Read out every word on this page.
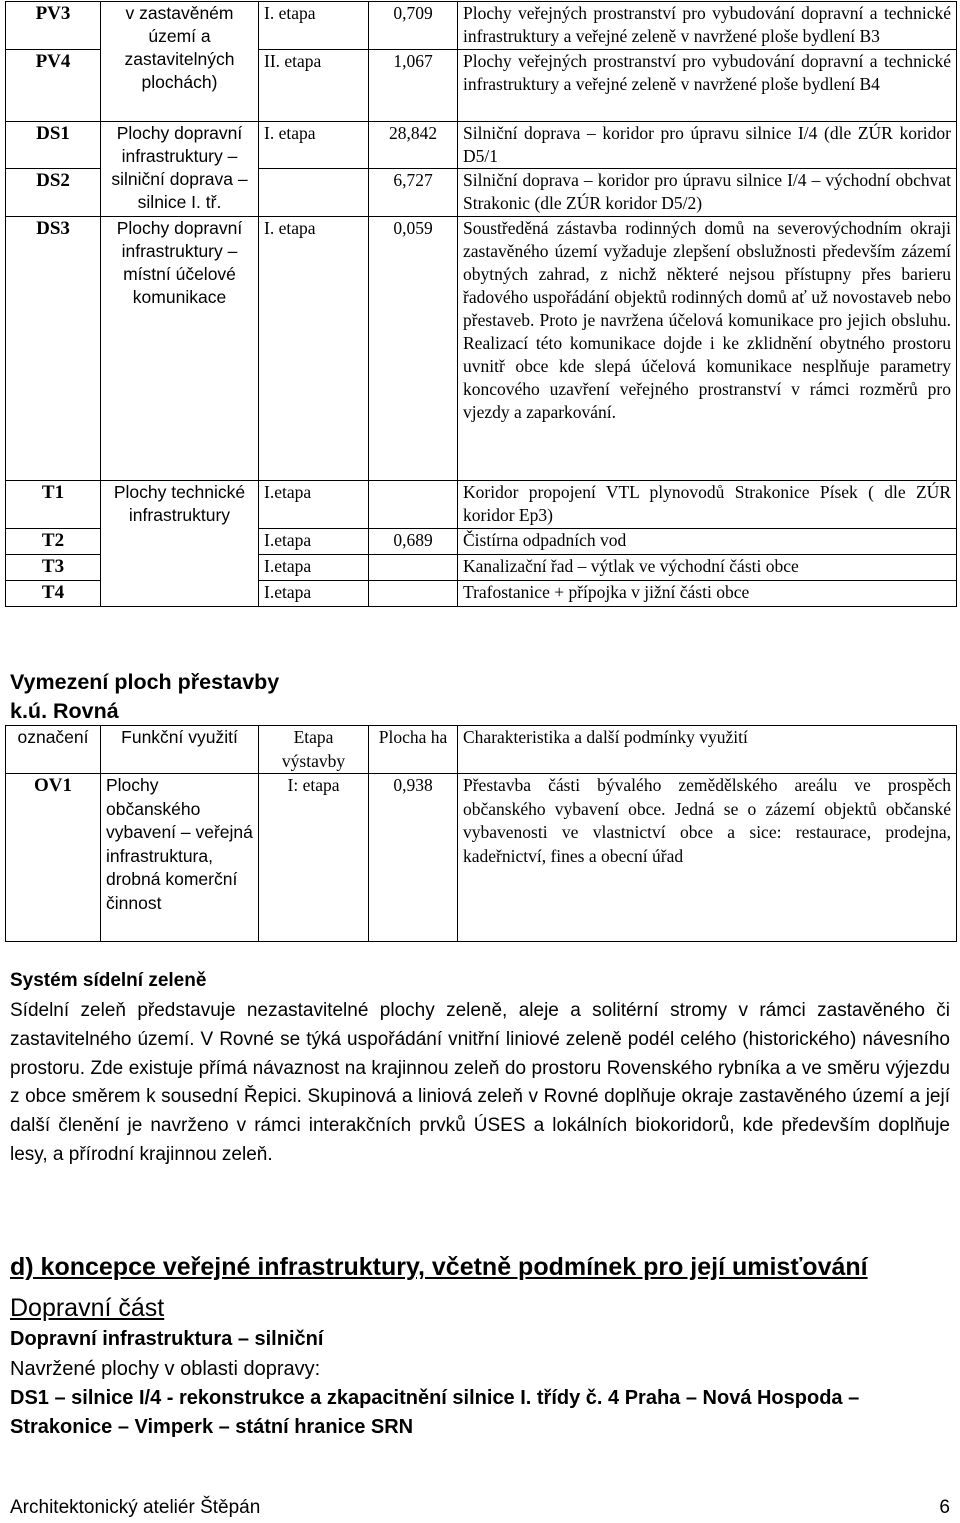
PV3	v zastavěném území a zastavitelných plochách)	I. etapa	0,709	Plochy veřejných prostranství pro vybudování dopravní a technické infrastruktury a veřejné zeleně v navržené ploše bydlení B3
PV4		II. etapa	1,067	Plochy veřejných prostranství pro vybudování dopravní a technické infrastruktury a veřejné zeleně v navržené ploše bydlení B4
DS1	Plochy dopravní infrastruktury – silniční doprava – silnice I. tř.	I. etapa	28,842	Silniční doprava – koridor pro úpravu silnice I/4 (dle ZÚR koridor D5/1
DS2			6,727	Silniční doprava – koridor pro úpravu silnice I/4 – východní obchvat Strakonic (dle ZÚR koridor D5/2)
DS3	Plochy dopravní infrastruktury – místní účelové komunikace	I. etapa	0,059	Soustředěná zástavba rodinných domů na severovýchodním okraji zastavěného území vyžaduje zlepšení obslužnosti především zázemí obytných zahrad, z nichž některé nejsou přístupny přes barieru řadového uspořádání objektů rodinných domů ať už novostaveb nebo přestaveb. Proto je navržena účelová komunikace pro jejich obsluhu. Realizací této komunikace dojde i ke zklidnění obytného prostoru uvnitř obce kde slepá účelová komunikace nesplňuje parametry koncového uzavření veřejného prostranství v rámci rozměrů pro vjezdy a zaparkování.
T1	Plochy technické infrastruktury	I.etapa		Koridor propojení VTL plynovodů Strakonice Písek ( dle ZÚR koridor Ep3)
T2		I.etapa	0,689	Čistírna odpadních vod
T3		I.etapa		Kanalizační řad – výtlak ve východní části obce
T4		I.etapa		Trafostanice + přípojka v jižní části obce
Vymezení ploch přestavby
k.ú. Rovná
označení	Funkční využití	Etapa výstavby	Plocha ha	Charakteristika a další podmínky využití
OV1	Plochy občanského vybavení – veřejná infrastruktura, drobná komerční činnost	I: etapa	0,938	Přestavba části bývalého zemědělského areálu ve prospěch občanského vybavení obce. Jedná se o zázemí objektů občanské vybavenosti ve vlastnictví obce a sice: restaurace, prodejna, kadeřnictví, fines a obecní úřad
Systém sídelní zeleně
Sídelní zeleň představuje nezastavitelné plochy zeleně, aleje a solitérní stromy v rámci zastavěného či zastavitelného území. V Rovné se týká uspořádání vnitřní liniové zeleně podél celého (historického) návesního prostoru. Zde existuje přímá návaznost na krajinnou zeleň do prostoru Rovenského rybníka a ve směru výjezdu z obce směrem k sousední Řepici. Skupinová a liniová zeleň v Rovné doplňuje okraje zastavěného území a její další členění je navrženo v rámci interakčních prvků ÚSES a lokálních biokoridorů, kde především doplňuje lesy, a přírodní krajinnou zeleň.
d) koncepce veřejné infrastruktury, včetně podmínek pro její umisťování
Dopravní část
Dopravní infrastruktura – silniční
Navržené plochy v oblasti dopravy:
DS1 – silnice I/4 - rekonstrukce a zkapacitnění silnice I. třídy č. 4 Praha – Nová Hospoda – Strakonice – Vimperk – státní hranice SRN
Architektonický ateliér Štěpán	6
